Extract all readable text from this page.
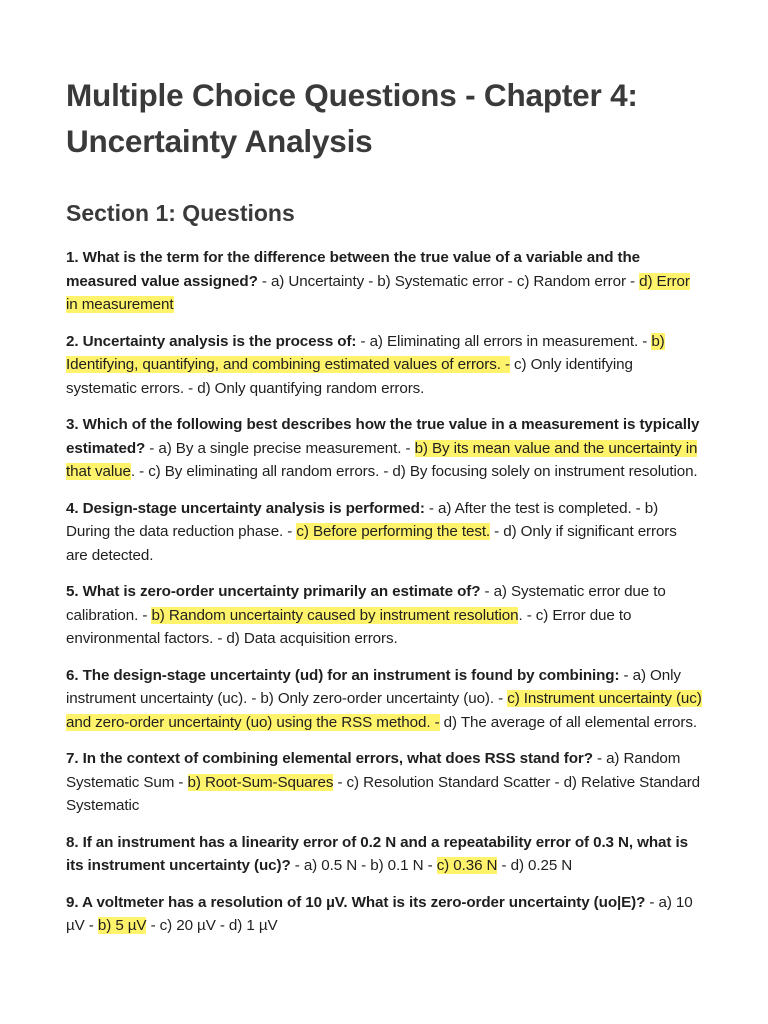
Multiple Choice Questions - Chapter 4: Uncertainty Analysis
Section 1: Questions

1. What is the term for the difference between the true value of a variable and the measured value assigned? - a) Uncertainty - b) Systematic error - c) Random error - d) Error in measurement

2. Uncertainty analysis is the process of: - a) Eliminating all errors in measurement. - b) Identifying, quantifying, and combining estimated values of errors. - c) Only identifying systematic errors. - d) Only quantifying random errors.

3. Which of the following best describes how the true value in a measurement is typically estimated? - a) By a single precise measurement. - b) By its mean value and the uncertainty in that value. - c) By eliminating all random errors. - d) By focusing solely on instrument resolution.

4. Design-stage uncertainty analysis is performed: - a) After the test is completed. - b) During the data reduction phase. - c) Before performing the test. - d) Only if significant errors are detected.

5. What is zero-order uncertainty primarily an estimate of? - a) Systematic error due to calibration. - b) Random uncertainty caused by instrument resolution. - c) Error due to environmental factors. - d) Data acquisition errors.

6. The design-stage uncertainty (ud) for an instrument is found by combining: - a) Only instrument uncertainty (uc). - b) Only zero-order uncertainty (uo). - c) Instrument uncertainty (uc) and zero-order uncertainty (uo) using the RSS method. - d) The average of all elemental errors.

7. In the context of combining elemental errors, what does RSS stand for? - a) Random Systematic Sum - b) Root-Sum-Squares - c) Resolution Standard Scatter - d) Relative Standard Systematic

8. If an instrument has a linearity error of 0.2 N and a repeatability error of 0.3 N, what is its instrument uncertainty (uc)? - a) 0.5 N - b) 0.1 N - c) 0.36 N - d) 0.25 N

9. A voltmeter has a resolution of 10 µV. What is its zero-order uncertainty (uo|E)? - a) 10 µV - b) 5 µV - c) 20 µV - d) 1 µV
